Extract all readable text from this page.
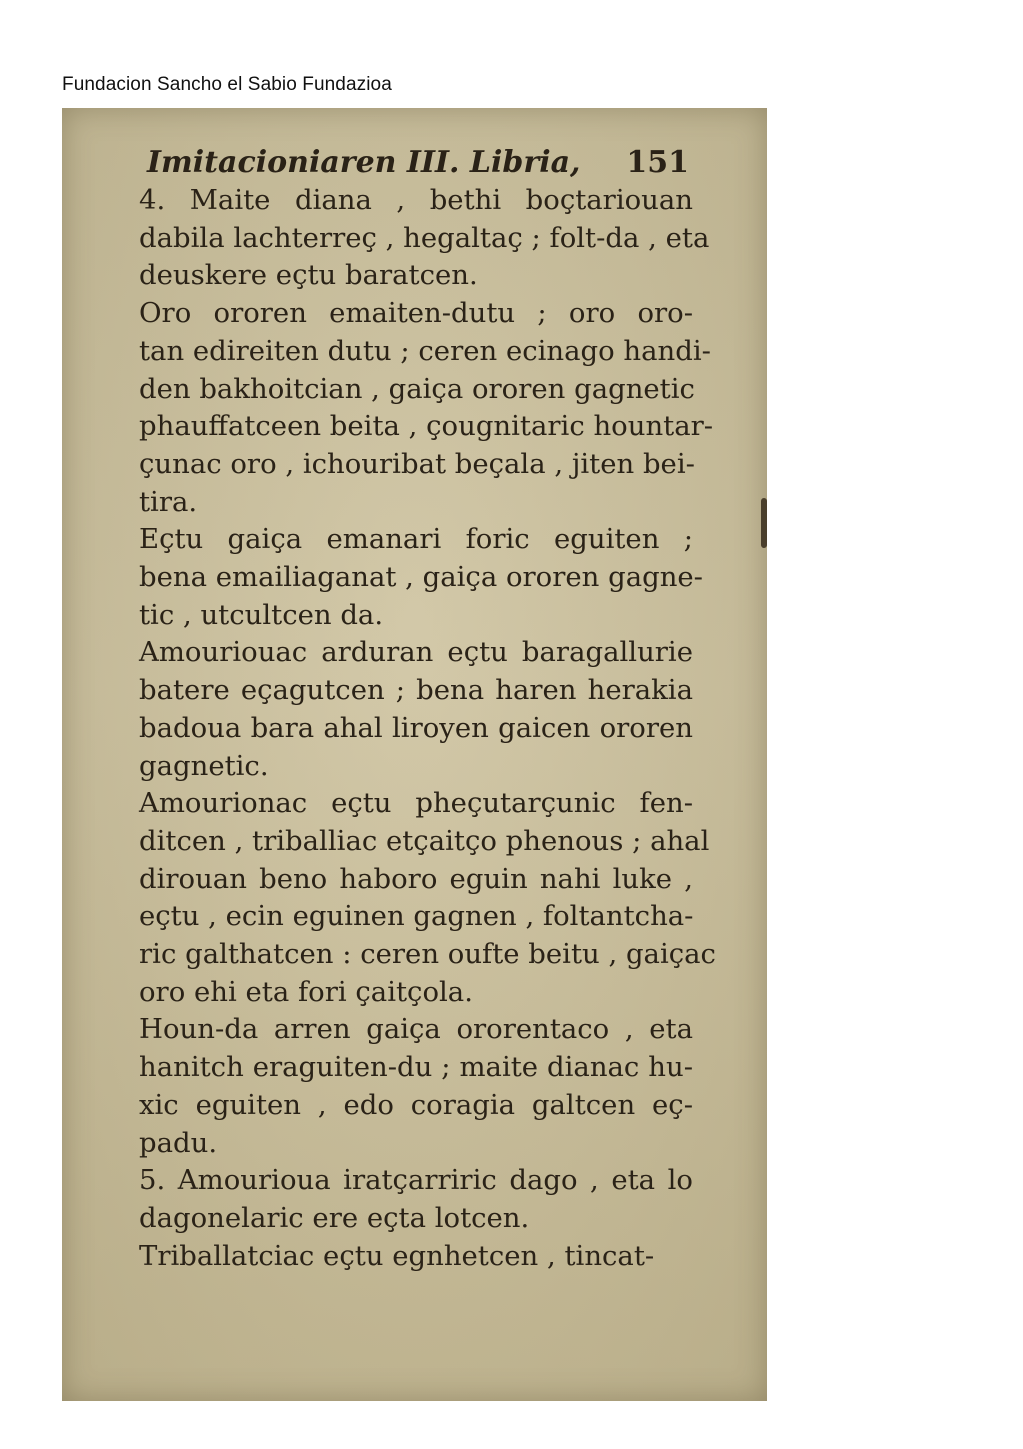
Fundacion Sancho el Sabio Fundazioa
Imitacioniaren III. Libria, 151

4. Maite diana , bethi boçtariouan
dabila lachterreç , hegaltaç ; folt-da , eta
deuskere eçtu baratcen.

Oro ororen emaiten-dutu ; oro oro-
tan edireiten dutu ; ceren ecinago handi-
den bakhoitcian , gaiça ororen gagnetic
phauffatceen beita , çougnitaric hountar-
çunac oro , ichouribat beçala , jiten bei-
tira.

Eçtu gaiça emanari foric eguiten ;
bena emailiaganat , gaiça ororen gagne-
tic , utcultcen da.

Amouriouac arduran eçtu baragallurie
batere eçagutcen ; bena haren herakia
badoua bara ahal liroyen gaicen ororen
gagnetic.

Amourionac eçtu pheçutarçunic fen-
ditcen , triballiac etçaitço phenous ; ahal
dirouan beno haboro eguin nahi luke ,
eçtu , ecin eguinen gagnen , foltantcha-
ric galthatcen : ceren oufte beitu , gaiçac
oro ehi eta fori çaitçola.

Houn-da arren gaiça ororentaco , eta
hanitch eraguiten-du ; maite dianac hu-
xic eguiten , edo coragia galtcen eç-
padu.

5. Amourioua iratçarriric dago , eta lo
dagonelaric ere eçta lotcen.

Triballatciac eçtu egnhetcen , tincat-
